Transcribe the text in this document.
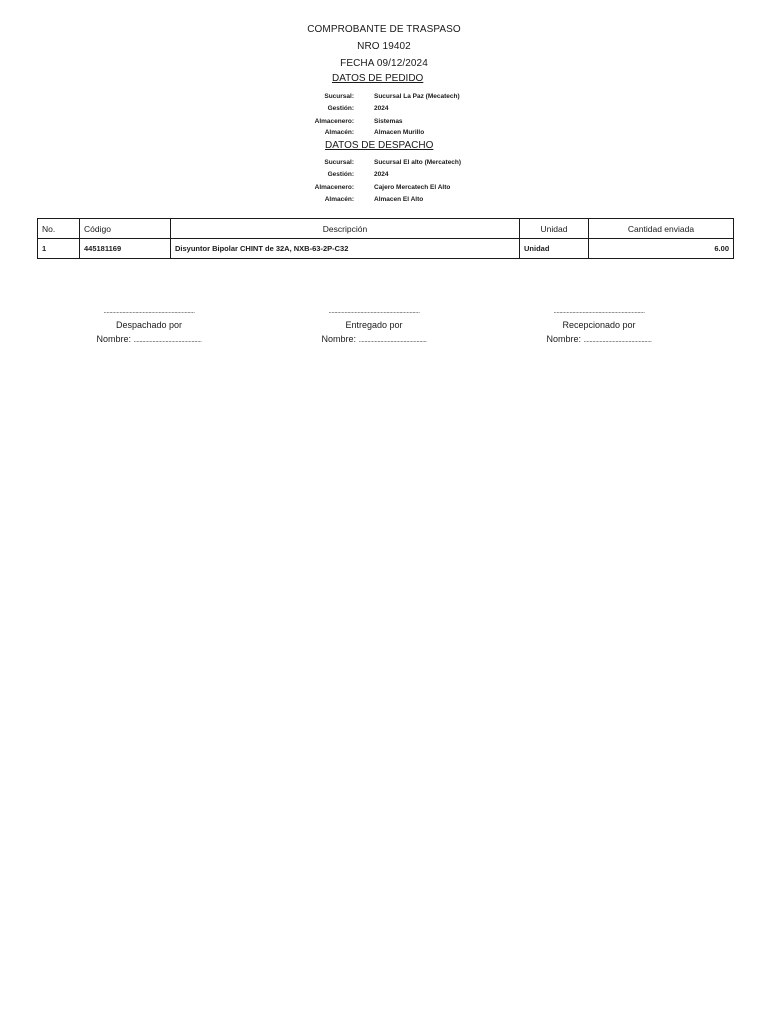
COMPROBANTE DE TRASPASO
NRO 19402
FECHA 09/12/2024
DATOS DE PEDIDO
Sucursal:	Sucursal La Paz (Mecatech)
Gestión:	2024
Almacenero:	Sistemas
Almacén:	Almacen Murillo
DATOS DE DESPACHO
Sucursal:	Sucursal El alto (Mercatech)
Gestión:	2024
Almacenero:	Cajero Mercatech El Alto
Almacén:	Almacen El Alto
No.	Código	Descripción	Unidad	Cantidad enviada
1	445181169	Disyuntor Bipolar CHINT de 32A, NXB-63-2P-C32	Unidad	6.00
...............................................................
Despachado por
Nombre: ...............................................
...............................................................
Entregado por
Nombre: ...............................................
...............................................................
Recepcionado por
Nombre: ...............................................
